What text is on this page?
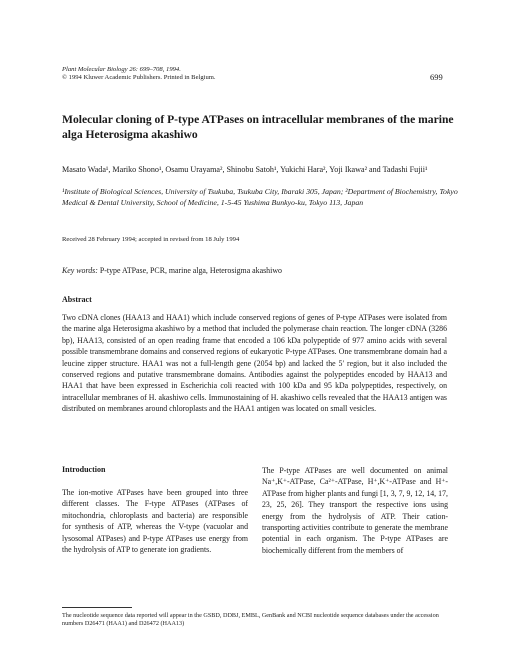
Plant Molecular Biology 26: 699–708, 1994.
© 1994 Kluwer Academic Publishers. Printed in Belgium.	699
Molecular cloning of P-type ATPases on intracellular membranes of the marine alga Heterosigma akashiwo
Masato Wada¹, Mariko Shono¹, Osamu Urayama², Shinobu Satoh¹, Yukichi Hara², Yoji Ikawa² and Tadashi Fujii¹
¹Institute of Biological Sciences, University of Tsukuba, Tsukuba City, Ibaraki 305, Japan; ²Department of Biochemistry, Tokyo Medical & Dental University, School of Medicine, 1-5-45 Yushima Bunkyo-ku, Tokyo 113, Japan
Received 28 February 1994; accepted in revised from 18 July 1994
Key words: P-type ATPase, PCR, marine alga, Heterosigma akashiwo
Abstract
Two cDNA clones (HAA13 and HAA1) which include conserved regions of genes of P-type ATPases were isolated from the marine alga Heterosigma akashiwo by a method that included the polymerase chain reaction. The longer cDNA (3286 bp), HAA13, consisted of an open reading frame that encoded a 106 kDa polypeptide of 977 amino acids with several possible transmembrane domains and conserved regions of eukaryotic P-type ATPases. One transmembrane domain had a leucine zipper structure. HAA1 was not a full-length gene (2054 bp) and lacked the 5′ region, but it also included the conserved regions and putative transmembrane domains. Antibodies against the polypeptides encoded by HAA13 and HAA1 that have been expressed in Escherichia coli reacted with 100 kDa and 95 kDa polypeptides, respectively, on intracellular membranes of H. akashiwo cells. Immunostaining of H. akashiwo cells revealed that the HAA13 antigen was distributed on membranes around chloroplasts and the HAA1 antigen was located on small vesicles.
Introduction
The ion-motive ATPases have been grouped into three different classes. The F-type ATPases (ATPases of mitochondria, chloroplasts and bacteria) are responsible for synthesis of ATP, whereas the V-type (vacuolar and lysosomal ATPases) and P-type ATPases use energy from the hydrolysis of ATP to generate ion gradients.
The P-type ATPases are well documented on animal Na⁺,K⁺-ATPase, Ca²⁺-ATPase, H⁺,K⁺-ATPase and H⁺-ATPase from higher plants and fungi [1, 3, 7, 9, 12, 14, 17, 23, 25, 26]. They transport the respective ions using energy from the hydrolysis of ATP. Their cation-transporting activities contribute to generate the membrane potential in each organism. The P-type ATPases are biochemically different from the members of
The nucleotide sequence data reported will appear in the GSBD, DDBJ, EMBL, GenBank and NCBI nucleotide sequence databases under the accession numbers D26471 (HAA1) and D26472 (HAA13)
